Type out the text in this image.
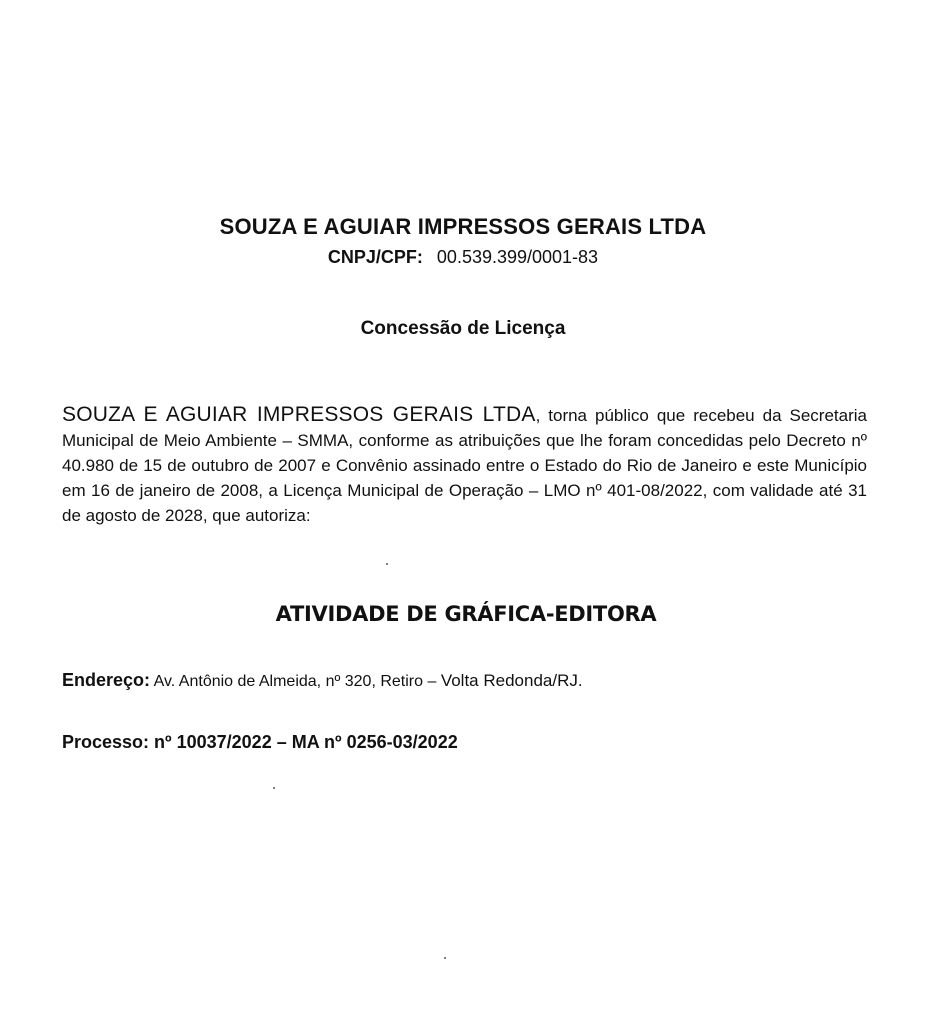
SOUZA E AGUIAR IMPRESSOS GERAIS LTDA
CNPJ/CPF: 00.539.399/0001-83
Concessão de Licença

SOUZA E AGUIAR IMPRESSOS GERAIS LTDA, torna público que recebeu da Secretaria Municipal de Meio Ambiente – SMMA, conforme as atribuições que lhe foram concedidas pelo Decreto nº 40.980 de 15 de outubro de 2007 e Convênio assinado entre o Estado do Rio de Janeiro e este Município em 16 de janeiro de 2008, a Licença Municipal de Operação – LMO nº 401-08/2022, com validade até 31 de agosto de 2028, que autoriza:

ATIVIDADE DE GRÁFICA-EDITORA
Endereço: Av. Antônio de Almeida, nº 320, Retiro – Volta Redonda/RJ.
Processo: nº 10037/2022 – MA nº 0256-03/2022
